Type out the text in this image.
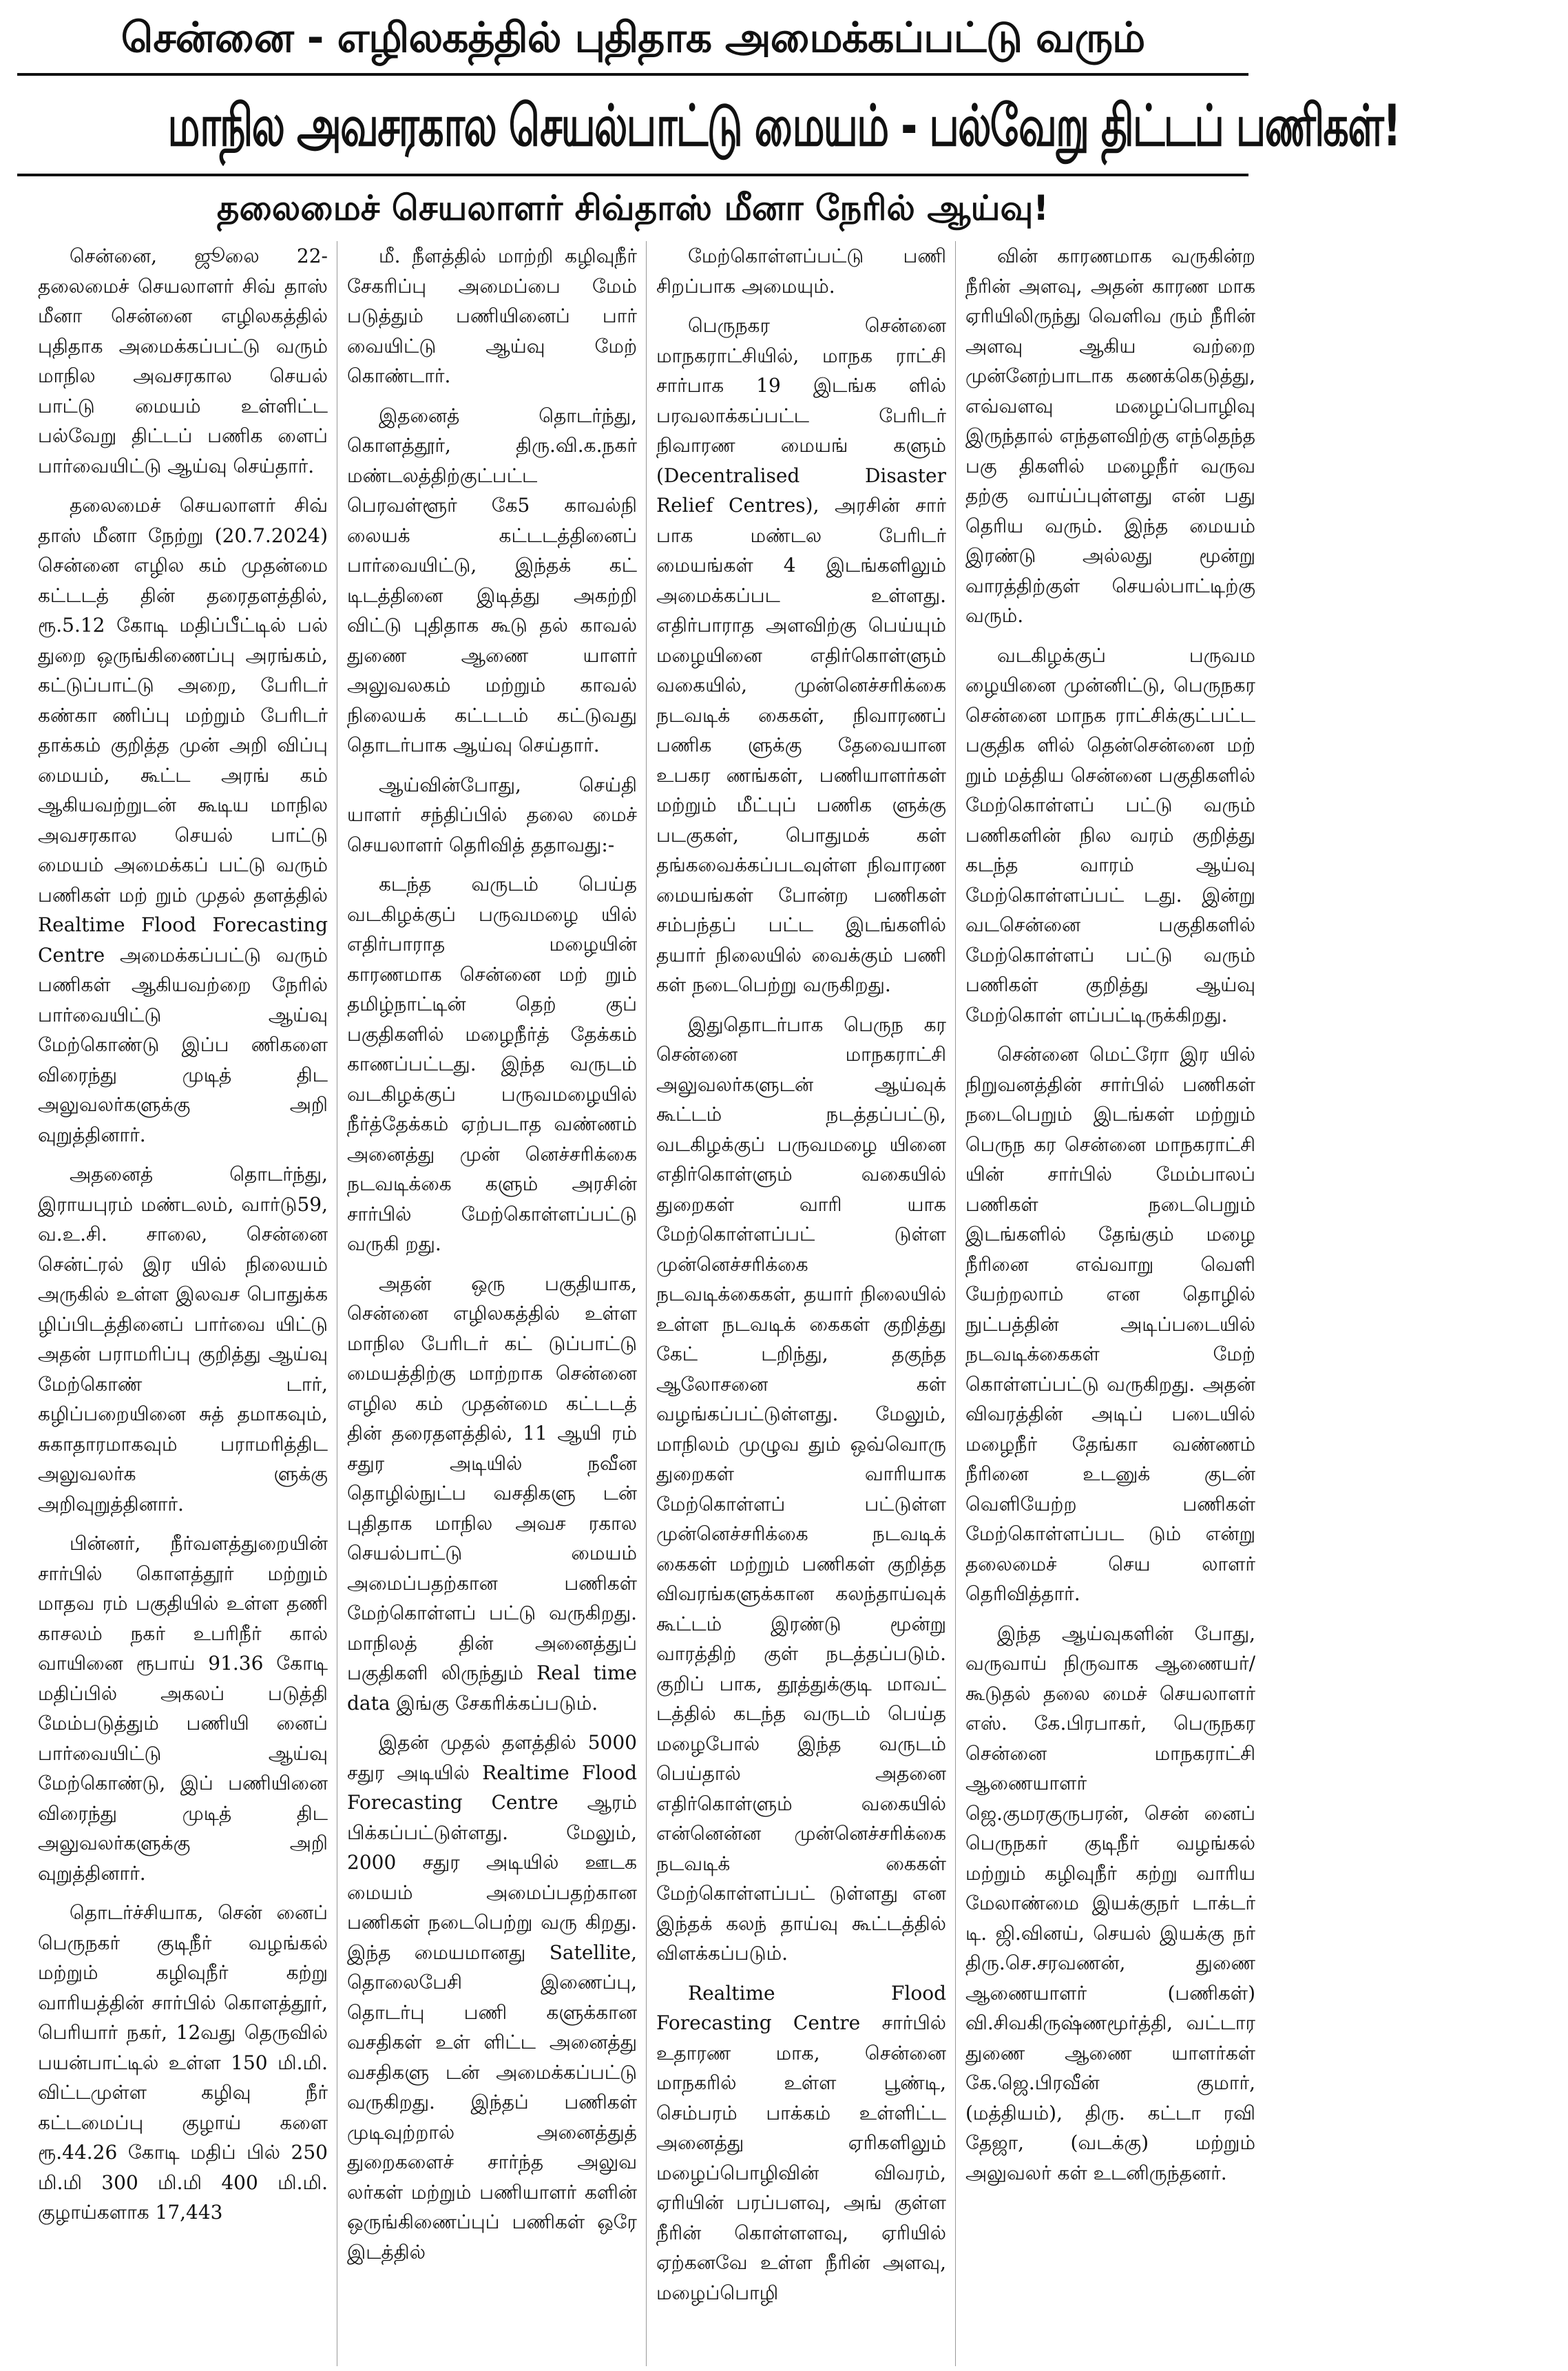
சென்னை - எழிலகத்தில் புதிதாக அமைக்கப்பட்டு வரும்
மாநில அவசரகால செயல்பாட்டு மையம் - பல்வேறு திட்டப் பணிகள்!
தலைமைச் செயலாளர் சிவ்தாஸ் மீனா நேரில் ஆய்வு!

சென்னை, ஜூலை 22- தலைமைச் செயலாளர் சிவ் தாஸ் மீனா சென்னை எழிலகத்தில் புதிதாக அமைக்கப்பட்டு வரும் மாநில அவசரகால செயல் பாட்டு மையம் உள்ளிட்ட பல்வேறு திட்டப் பணிக ளைப் பார்வையிட்டு ஆய்வு செய்தார்.

தலைமைச் செயலாளர் சிவ் தாஸ் மீனா நேற்று (20.7.2024) சென்னை எழில கம் முதன்மை கட்டடத் தின் தரைதளத்தில், ரூ.5.12 கோடி மதிப்பீட்டில் பல் துறை ஒருங்கிணைப்பு அரங்கம், கட்டுப்பாட்டு அறை, பேரிடர் கண்கா ணிப்பு மற்றும் பேரிடர் தாக்கம் குறித்த முன் அறி விப்பு மையம், கூட்ட அரங் கம் ஆகியவற்றுடன் கூடிய மாநில அவசரகால செயல் பாட்டு மையம் அமைக்கப் பட்டு வரும் பணிகள் மற் றும் முதல் தளத்தில் Realtime Flood Forecasting Centre அமைக்கப்பட்டு வரும் பணிகள் ஆகியவற்றை நேரில் பார்வையிட்டு ஆய்வு மேற்கொண்டு இப்ப ணிகளை விரைந்து முடித் திட அலுவலர்களுக்கு அறி வுறுத்தினார்.

அதனைத் தொடர்ந்து, இராயபுரம் மண்டலம், வார்டு59, வ.உ.சி. சாலை, சென்னை சென்ட்ரல் இர யில் நிலையம் அருகில் உள்ள இலவச பொதுக்க ழிப்பிடத்தினைப் பார்வை யிட்டு அதன் பராமரிப்பு குறித்து ஆய்வு மேற்கொண் டார், கழிப்பறையினை சுத் தமாகவும், சுகாதாரமாகவும் பராமரித்திட அலுவலர்க ளுக்கு அறிவுறுத்தினார்.

பின்னர், நீர்வளத்துறையின் சார்பில் கொளத்தூர் மற்றும் மாதவ ரம் பகுதியில் உள்ள தணி காசலம் நகர் உபரிநீர் கால் வாயினை ரூபாய் 91.36 கோடி மதிப்பில் அகலப் படுத்தி மேம்படுத்தும் பணியி னைப் பார்வையிட்டு ஆய்வு மேற்கொண்டு, இப் பணியினை விரைந்து முடித் திட அலுவலர்களுக்கு அறி வுறுத்தினார்.

தொடர்ச்சியாக, சென் னைப் பெருநகர் குடிநீர் வழங்கல் மற்றும் கழிவுநீர் கற்று வாரியத்தின் சார்பில் கொளத்தூர், பெரியார் நகர், 12வது தெருவில் பயன்பாட்டில் உள்ள 150 மி.மி. விட்டமுள்ள கழிவு நீர் கட்டமைப்பு குழாய் களை ரூ.44.26 கோடி மதிப் பில் 250 மி.மி 300 மி.மி 400 மி.மி. குழாய்களாக 17,443

மீ. நீளத்தில் மாற்றி கழிவுநீர் சேகரிப்பு அமைப்பை மேம் படுத்தும் பணியினைப் பார் வையிட்டு ஆய்வு மேற் கொண்டார்.

இதனைத் தொடர்ந்து, கொளத்தூர், திரு.வி.க.நகர் மண்டலத்திற்குட்பட்ட பெரவள்ளூர் கே5 காவல்நி லையக் கட்டடத்தினைப் பார்வையிட்டு, இந்தக் கட் டிடத்தினை இடித்து அகற்றி விட்டு புதிதாக கூடு தல் காவல் துணை ஆணை யாளர் அலுவலகம் மற்றும் காவல் நிலையக் கட்டடம் கட்டுவது தொடர்பாக ஆய்வு செய்தார்.

ஆய்வின்போது, செய்தி யாளர் சந்திப்பில் தலை மைச் செயலாளர் தெரிவித் ததாவது:-

கடந்த வருடம் பெய்த வடகிழக்குப் பருவமழை யில் எதிர்பாராத மழையின் காரணமாக சென்னை மற் றும் தமிழ்நாட்டின் தெற் குப் பகுதிகளில் மழைநீர்த் தேக்கம் காணப்பட்டது. இந்த வருடம் வடகிழக்குப் பருவமழையில் நீர்த்தேக்கம் ஏற்படாத வண்ணம் அனைத்து முன் னெச்சரிக்கை நடவடிக்கை களும் அரசின் சார்பில் மேற்கொள்ளப்பட்டு வருகி றது.

அதன் ஒரு பகுதியாக, சென்னை எழிலகத்தில் உள்ள மாநில பேரிடர் கட் டுப்பாட்டு மையத்திற்கு மாற்றாக சென்னை எழில கம் முதன்மை கட்டடத் தின் தரைதளத்தில், 11 ஆயி ரம் சதுர அடியில் நவீன தொழில்நுட்ப வசதிகளு டன் புதிதாக மாநில அவச ரகால செயல்பாட்டு மையம் அமைப்பதற்கான பணிகள் மேற்கொள்ளப் பட்டு வருகிறது. மாநிலத் தின் அனைத்துப் பகுதிகளி லிருந்தும் Real time data இங்கு சேகரிக்கப்படும்.

இதன் முதல் தளத்தில் 5000 சதுர அடியில் Realtime Flood Forecasting Centre ஆரம் பிக்கப்பட்டுள்ளது. மேலும், 2000 சதுர அடியில் ஊடக மையம் அமைப்பதற்கான பணிகள் நடைபெற்று வரு கிறது. இந்த மையமானது Satellite, தொலைபேசி இணைப்பு, தொடர்பு பணி களுக்கான வசதிகள் உள் ளிட்ட அனைத்து வசதிகளு டன் அமைக்கப்பட்டு வருகிறது. இந்தப் பணிகள் முடிவுற்றால் அனைத்துத் துறைகளைச் சார்ந்த அலுவ லர்கள் மற்றும் பணியாளர் களின் ஒருங்கிணைப்புப் பணிகள் ஒரே இடத்தில்

மேற்கொள்ளப்பட்டு பணி சிறப்பாக அமையும்.

பெருநகர சென்னை மாநகராட்சியில், மாநக ராட்சி சார்பாக 19 இடங்க ளில் பரவலாக்கப்பட்ட பேரிடர் நிவாரண மையங் களும் (Decentralised Disaster Relief Centres), அரசின் சார் பாக மண்டல பேரிடர் மையங்கள் 4 இடங்களிலும் அமைக்கப்பட உள்ளது. எதிர்பாராத அளவிற்கு பெய்யும் மழையினை எதிர்கொள்ளும் வகையில், முன்னெச்சரிக்கை நடவடிக் கைகள், நிவாரணப் பணிக ளுக்கு தேவையான உபகர ணங்கள், பணியாளர்கள் மற்றும் மீட்புப் பணிக ளுக்கு படகுகள், பொதுமக் கள் தங்கவைக்கப்படவுள்ள நிவாரண மையங்கள் போன்ற பணிகள் சம்பந்தப் பட்ட இடங்களில் தயார் நிலையில் வைக்கும் பணி கள் நடைபெற்று வருகிறது.

இதுதொடர்பாக பெருந கர சென்னை மாநகராட்சி அலுவலர்களுடன் ஆய்வுக் கூட்டம் நடத்தப்பட்டு, வடகிழக்குப் பருவமழை யினை எதிர்கொள்ளும் வகையில் துறைகள் வாரி யாக மேற்கொள்ளப்பட் டுள்ள முன்னெச்சரிக்கை நடவடிக்கைகள், தயார் நிலையில் உள்ள நடவடிக் கைகள் குறித்து கேட் டறிந்து, தகுந்த ஆலோசனை கள் வழங்கப்பட்டுள்ளது. மேலும், மாநிலம் முழுவ தும் ஒவ்வொரு துறைகள் வாரியாக மேற்கொள்ளப் பட்டுள்ள முன்னெச்சரிக்கை நடவடிக் கைகள் மற்றும் பணிகள் குறித்த விவரங்களுக்கான கலந்தாய்வுக் கூட்டம் இரண்டு மூன்று வாரத்திற் குள் நடத்தப்படும். குறிப் பாக, தூத்துக்குடி மாவட் டத்தில் கடந்த வருடம் பெய்த மழைபோல் இந்த வருடம் பெய்தால் அதனை எதிர்கொள்ளும் வகையில் என்னென்ன முன்னெச்சரிக்கை நடவடிக் கைகள் மேற்கொள்ளப்பட் டுள்ளது என இந்தக் கலந் தாய்வு கூட்டத்தில் விளக்கப்படும்.

Realtime Flood Forecasting Centre சார்பில் உதாரண மாக, சென்னை மாநகரில் உள்ள பூண்டி, செம்பரம் பாக்கம் உள்ளிட்ட அனைத்து ஏரிகளிலும் மழைப்பொழிவின் விவரம், ஏரியின் பரப்பளவு, அங் குள்ள நீரின் கொள்ளளவு, ஏரியில் ஏற்கனவே உள்ள நீரின் அளவு, மழைப்பொழி

வின் காரணமாக வருகின்ற நீரின் அளவு, அதன் காரண மாக ஏரியிலிருந்து வெளிவ ரும் நீரின் அளவு ஆகிய வற்றை முன்னேற்பாடாக கணக்கெடுத்து, எவ்வளவு மழைப்பொழிவு இருந்தால் எந்தளவிற்கு எந்தெந்த பகு திகளில் மழைநீர் வருவ தற்கு வாய்ப்புள்ளது என் பது தெரிய வரும். இந்த மையம் இரண்டு அல்லது மூன்று வாரத்திற்குள் செயல்பாட்டிற்கு வரும்.

வடகிழக்குப் பருவம ழையினை முன்னிட்டு, பெருநகர சென்னை மாநக ராட்சிக்குட்பட்ட பகுதிக ளில் தென்சென்னை மற் றும் மத்திய சென்னை பகுதிகளில் மேற்கொள்ளப் பட்டு வரும் பணிகளின் நில வரம் குறித்து கடந்த வாரம் ஆய்வு மேற்கொள்ளப்பட் டது. இன்று வடசென்னை பகுதிகளில் மேற்கொள்ளப் பட்டு வரும் பணிகள் குறித்து ஆய்வு மேற்கொள் ளப்பட்டிருக்கிறது.

சென்னை மெட்ரோ இர யில் நிறுவனத்தின் சார்பில் பணிகள் நடைபெறும் இடங்கள் மற்றும் பெருந கர சென்னை மாநகராட்சி யின் சார்பில் மேம்பாலப் பணிகள் நடைபெறும் இடங்களில் தேங்கும் மழை நீரினை எவ்வாறு வெளி யேற்றலாம் என தொழில் நுட்பத்தின் அடிப்படையில் நடவடிக்கைகள் மேற் கொள்ளப்பட்டு வருகிறது. அதன் விவரத்தின் அடிப் படையில் மழைநீர் தேங்கா வண்ணம் நீரினை உடனுக் குடன் வெளியேற்ற பணிகள் மேற்கொள்ளப்பட டும் என்று தலைமைச் செய லாளர் தெரிவித்தார்.

இந்த ஆய்வுகளின் போது, வருவாய் நிருவாக ஆணையர்/கூடுதல் தலை மைச் செயலாளர் எஸ். கே.பிரபாகர், பெருநகர சென்னை மாநகராட்சி ஆணையாளர் ஜெ.குமரகுருபரன், சென் னைப் பெருநகர் குடிநீர் வழங்கல் மற்றும் கழிவுநீர் கற்று வாரிய மேலாண்மை இயக்குநர் டாக்டர் டி. ஜி.வினய், செயல் இயக்கு நர் திரு.செ.சரவணன், துணை ஆணையாளர் (பணிகள்) வி.சிவகிருஷ்ணமூர்த்தி, வட்டார துணை ஆணை யாளர்கள் கே.ஜெ.பிரவீன் குமார், (மத்தியம்), திரு. கட்டா ரவி தேஜா, (வடக்கு) மற்றும் அலுவலர் கள் உடனிருந்தனர்.
